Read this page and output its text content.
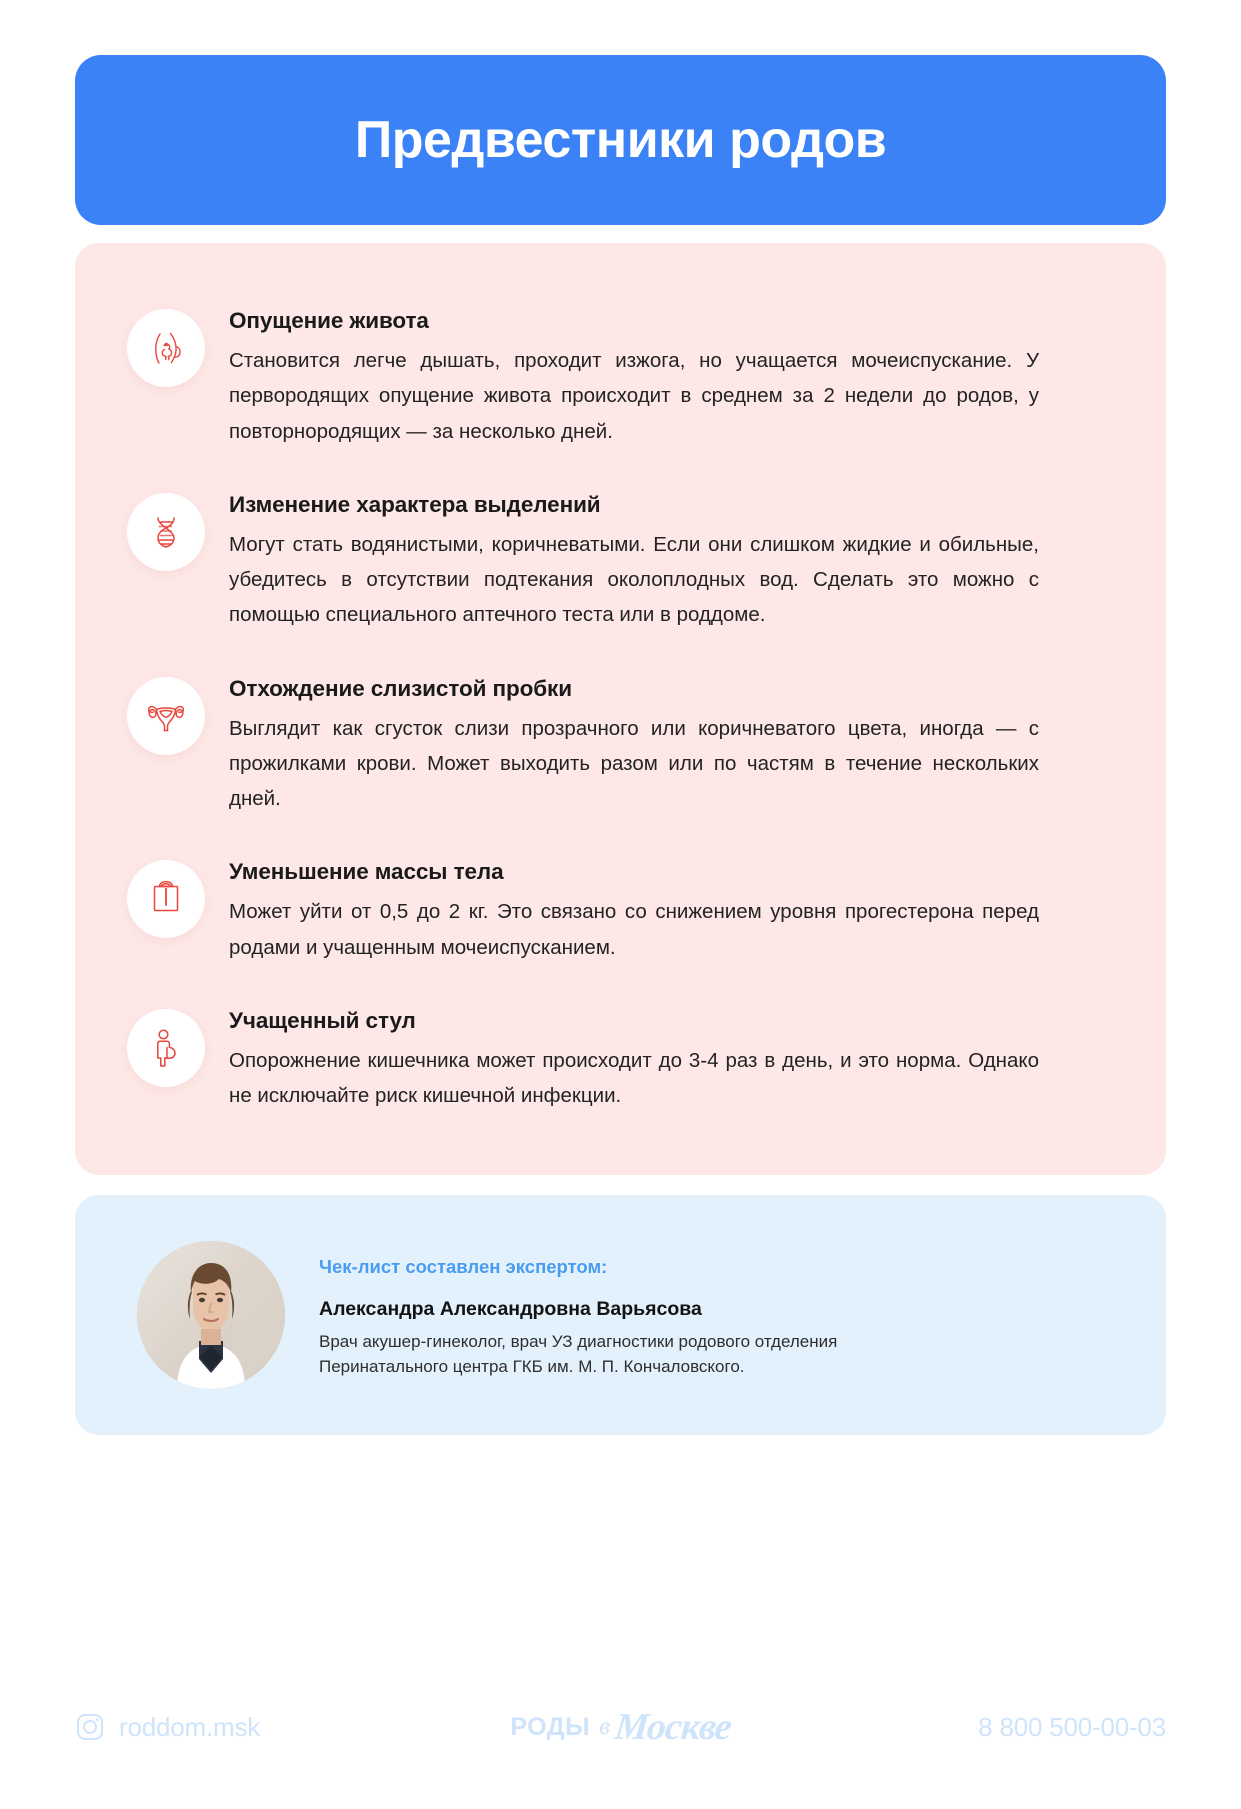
Предвестники родов
Опущение живота
Становится легче дышать, проходит изжога, но учащается мочеиспускание. У первородящих опущение живота происходит в среднем за 2 недели до родов, у повторнородящих — за несколько дней.
Изменение характера выделений
Могут стать водянистыми, коричневатыми. Если они слишком жидкие и обильные, убедитесь в отсутствии подтекания околоплодных вод. Сделать это можно с помощью специального аптечного теста или в роддоме.
Отхождение слизистой пробки
Выглядит как сгусток слизи прозрачного или коричневатого цвета, иногда — с прожилками крови. Может выходить разом или по частям в течение нескольких дней.
Уменьшение массы тела
Может уйти от 0,5 до 2 кг. Это связано со снижением уровня прогестерона перед родами и учащенным мочеиспусканием.
Учащенный стул
Опорожнение кишечника может происходит до 3-4 раз в день, и это норма. Однако не исключайте риск кишечной инфекции.
Чек-лист составлен экспертом:
Александра Александровна Варьясова
Врач акушер-гинеколог, врач УЗ диагностики родового отделения Перинатального центра ГКБ им. М. П. Кончаловского.
roddom.msk	РОДЫ в Москве	8 800 500-00-03
